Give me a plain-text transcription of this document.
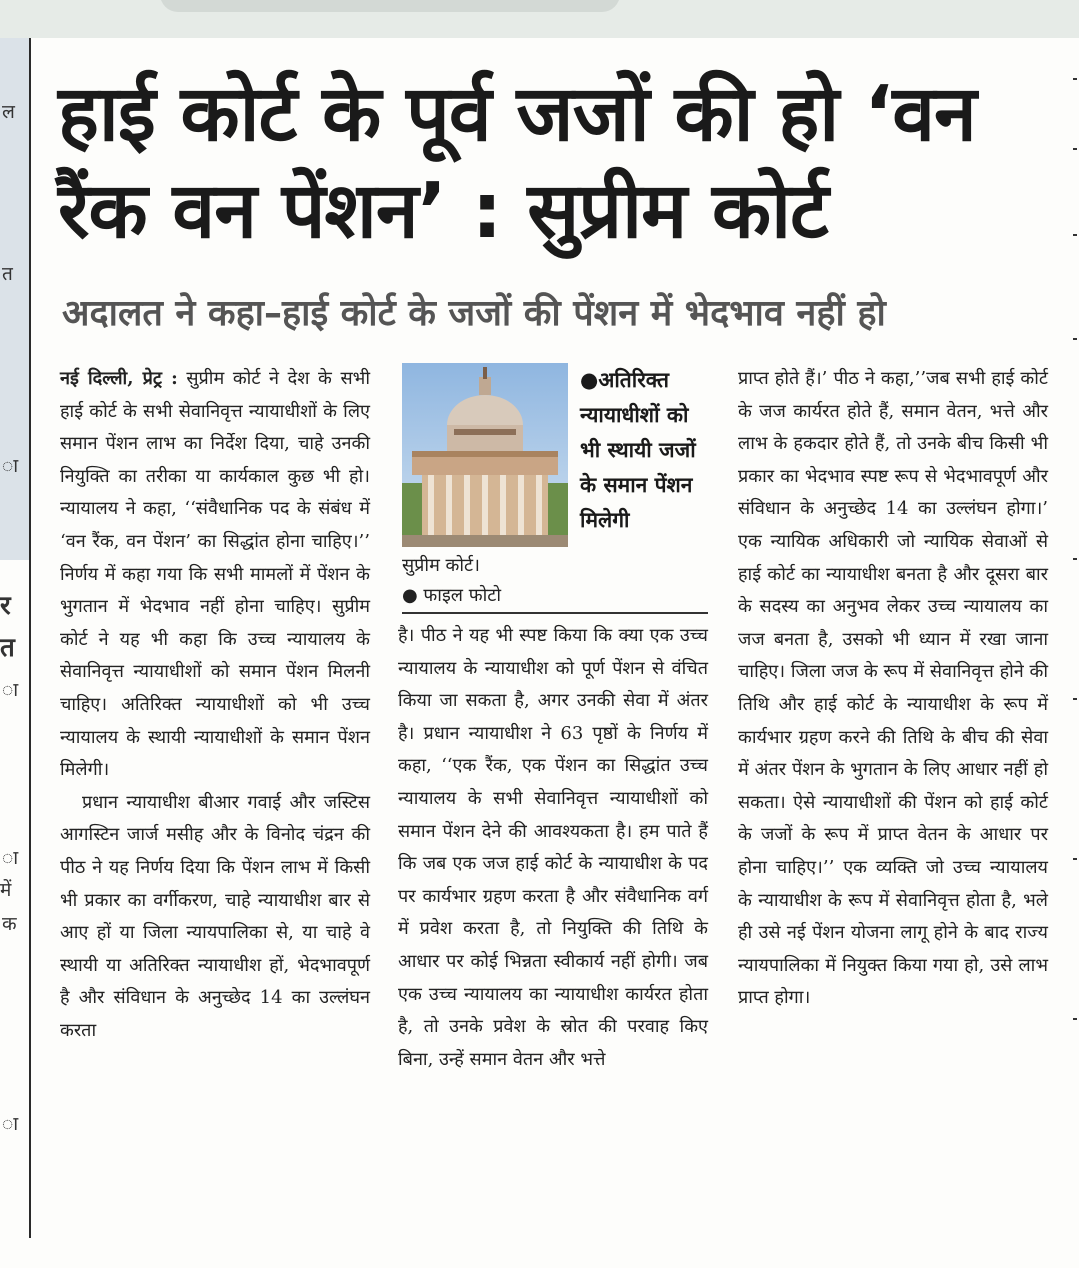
ल
त
ा
र
त
ा
ा
में
क
ा
हाई कोर्ट के पूर्व जजों की हो ‘वन रैंक वन पेंशन’ : सुप्रीम कोर्ट
अदालत ने कहा–हाई कोर्ट के जजों की पेंशन में भेदभाव नहीं हो
नई दिल्ली, प्रेट्र : सुप्रीम कोर्ट ने देश के सभी हाई कोर्ट के सभी सेवानिवृत्त न्यायाधीशों के लिए समान पेंशन लाभ का निर्देश दिया, चाहे उनकी नियुक्ति का तरीका या कार्यकाल कुछ भी हो। न्यायालय ने कहा, ‘‘संवैधानिक पद के संबंध में ‘वन रैंक, वन पेंशन’ का सिद्धांत होना चाहिए।’’ निर्णय में कहा गया कि सभी मामलों में पेंशन के भुगतान में भेदभाव नहीं होना चाहिए। सुप्रीम कोर्ट ने यह भी कहा कि उच्च न्यायालय के सेवानिवृत्त न्यायाधीशों को समान पेंशन मिलनी चाहिए। अतिरिक्त न्यायाधीशों को भी उच्च न्यायालय के स्थायी न्यायाधीशों के समान पेंशन मिलेगी।
प्रधान न्यायाधीश बीआर गवाई और जस्टिस आगस्टिन जार्ज मसीह और के विनोद चंद्रन की पीठ ने यह निर्णय दिया कि पेंशन लाभ में किसी भी प्रकार का वर्गीकरण, चाहे न्यायाधीश बार से आए हों या जिला न्यायपालिका से, या चाहे वे स्थायी या अतिरिक्त न्यायाधीश हों, भेदभावपूर्ण है और संविधान के अनुच्छेद 14 का उल्लंघन करता
सुप्रीम कोर्ट।
● फाइल फोटो
●अतिरिक्त न्यायाधीशों को भी स्थायी जजों के समान पेंशन मिलेगी
है। पीठ ने यह भी स्पष्ट किया कि क्या एक उच्च न्यायालय के न्यायाधीश को पूर्ण पेंशन से वंचित किया जा सकता है, अगर उनकी सेवा में अंतर है। प्रधान न्यायाधीश ने 63 पृष्ठों के निर्णय में कहा, ‘‘एक रैंक, एक पेंशन का सिद्धांत उच्च न्यायालय के सभी सेवानिवृत्त न्यायाधीशों को समान पेंशन देने की आवश्यकता है। हम पाते हैं कि जब एक जज हाई कोर्ट के न्यायाधीश के पद पर कार्यभार ग्रहण करता है और संवैधानिक वर्ग में प्रवेश करता है, तो नियुक्ति की तिथि के आधार पर कोई भिन्नता स्वीकार्य नहीं होगी। जब एक उच्च न्यायालय का न्यायाधीश कार्यरत होता है, तो उनके प्रवेश के स्रोत की परवाह किए बिना, उन्हें समान वेतन और भत्ते
प्राप्त होते हैं।’ पीठ ने कहा,’’जब सभी हाई कोर्ट के जज कार्यरत होते हैं, समान वेतन, भत्ते और लाभ के हकदार होते हैं, तो उनके बीच किसी भी प्रकार का भेदभाव स्पष्ट रूप से भेदभावपूर्ण और संविधान के अनुच्छेद 14 का उल्लंघन होगा।’ एक न्यायिक अधिकारी जो न्यायिक सेवाओं से हाई कोर्ट का न्यायाधीश बनता है और दूसरा बार के सदस्य का अनुभव लेकर उच्च न्यायालय का जज बनता है, उसको भी ध्यान में रखा जाना चाहिए। जिला जज के रूप में सेवानिवृत्त होने की तिथि और हाई कोर्ट के न्यायाधीश के रूप में कार्यभार ग्रहण करने की तिथि के बीच की सेवा में अंतर पेंशन के भुगतान के लिए आधार नहीं हो सकता। ऐसे न्यायाधीशों की पेंशन को हाई कोर्ट के जजों के रूप में प्राप्त वेतन के आधार पर होना चाहिए।’’ एक व्यक्ति जो उच्च न्यायालय के न्यायाधीश के रूप में सेवानिवृत्त होता है, भले ही उसे नई पेंशन योजना लागू होने के बाद राज्य न्यायपालिका में नियुक्त किया गया हो, उसे लाभ प्राप्त होगा।
